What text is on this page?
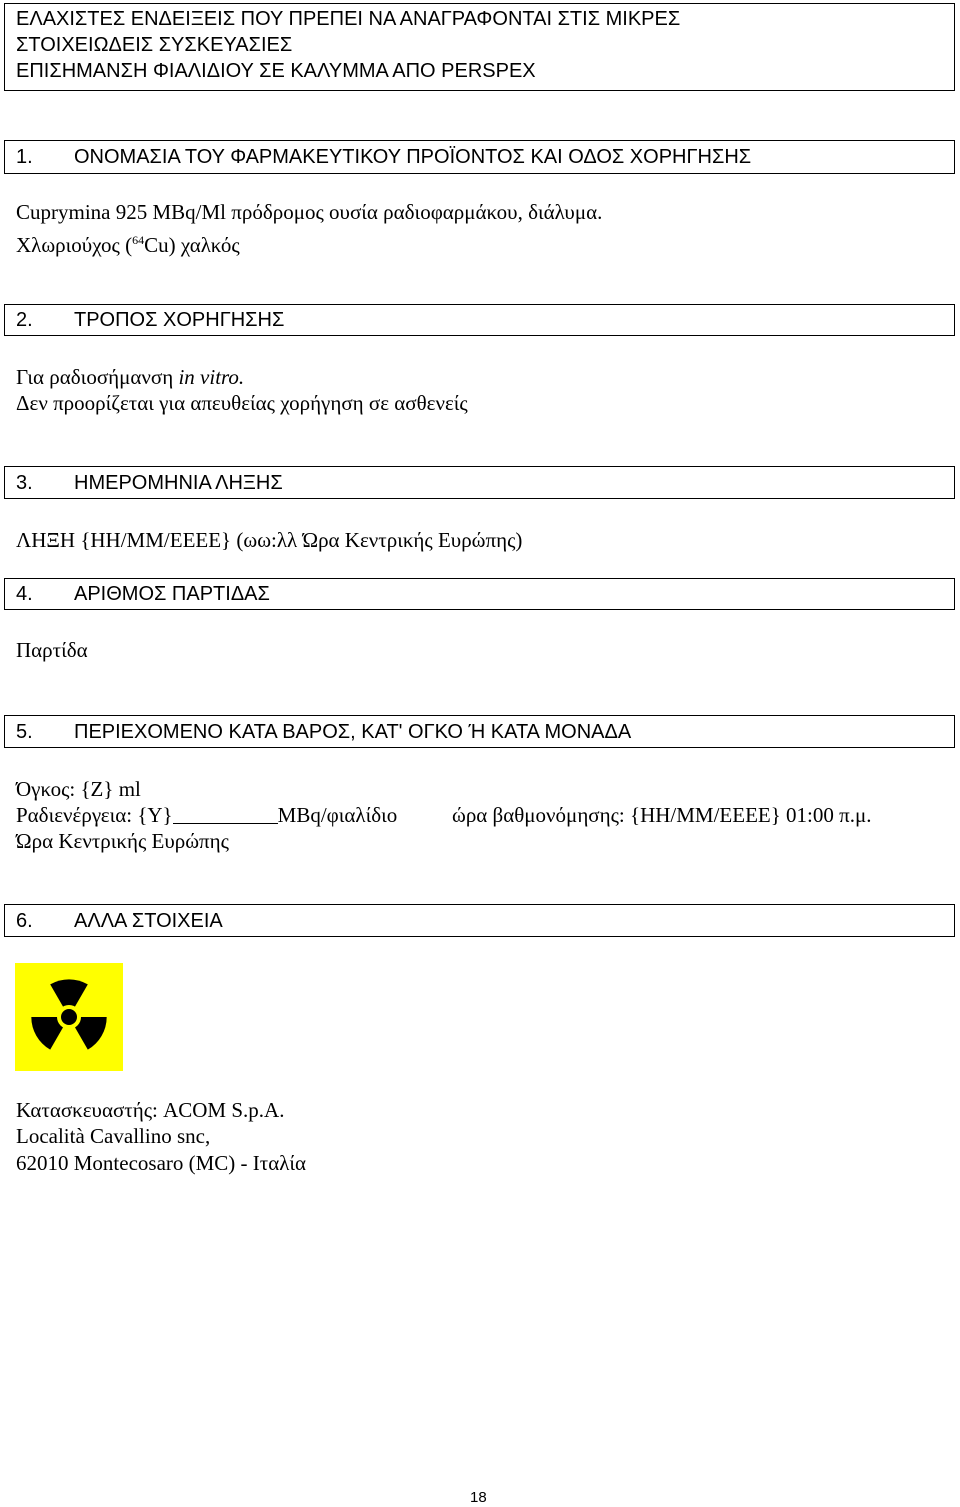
ΕΛΑΧΙΣΤΕΣ ΕΝΔΕΙΞΕΙΣ ΠΟΥ ΠΡΕΠΕΙ ΝΑ ΑΝΑΓΡΑΦΟΝΤΑΙ ΣΤΙΣ ΜΙΚΡΕΣ
ΣΤΟΙΧΕΙΩΔΕΙΣ ΣΥΣΚΕΥΑΣΙΕΣ
ΕΠΙΣΗΜΑΝΣΗ ΦΙΑΛΙΔΙΟΥ ΣΕ ΚΑΛΥΜΜΑ ΑΠΟ PERSPEX
1. ΟΝΟΜΑΣΙΑ ΤΟΥ ΦΑΡΜΑΚΕΥΤΙΚΟΥ ΠΡΟΪΟΝΤΟΣ ΚΑΙ ΟΔΟΣ ΧΟΡΗΓΗΣΗΣ
Cuprymina 925 MBq/Ml πρόδρομος ουσία ραδιοφαρμάκου, διάλυμα.
Χλωριούχος ($^{64}$Cu) χαλκός
2. ΤΡΟΠΟΣ ΧΟΡΗΓΗΣΗΣ
Για ραδιοσήμανση in vitro.
Δεν προορίζεται για απευθείας χορήγηση σε ασθενείς
3. ΗΜΕΡΟΜΗΝΙΑ ΛΗΞΗΣ
ΛΗΞΗ {ΗΗ/ΜΜ/ΕΕΕΕ} (ωω:λλ Ώρα Κεντρικής Ευρώπης)
4. ΑΡΙΘΜΟΣ ΠΑΡΤΙΔΑΣ
Παρτίδα
5. ΠΕΡΙΕΧΟΜΕΝΟ ΚΑΤΑ ΒΑΡΟΣ, ΚΑΤ' ΟΓΚΟ Ή ΚΑΤΑ ΜΟΝΑΔΑ
Όγκος: {Z} ml
Ραδιενέργεια: {Y}	MBq/φιαλίδιο	ώρα βαθμονόμησης: {ΗΗ/ΜΜ/ΕΕΕΕ} 01:00 π.μ.
Ώρα Κεντρικής Ευρώπης
6. ΑΛΛΑ ΣΤΟΙΧΕΙΑ
Κατασκευαστής: ACOM S.p.A.
Località Cavallino snc,
62010 Montecosaro (MC) - Ιταλία
18
